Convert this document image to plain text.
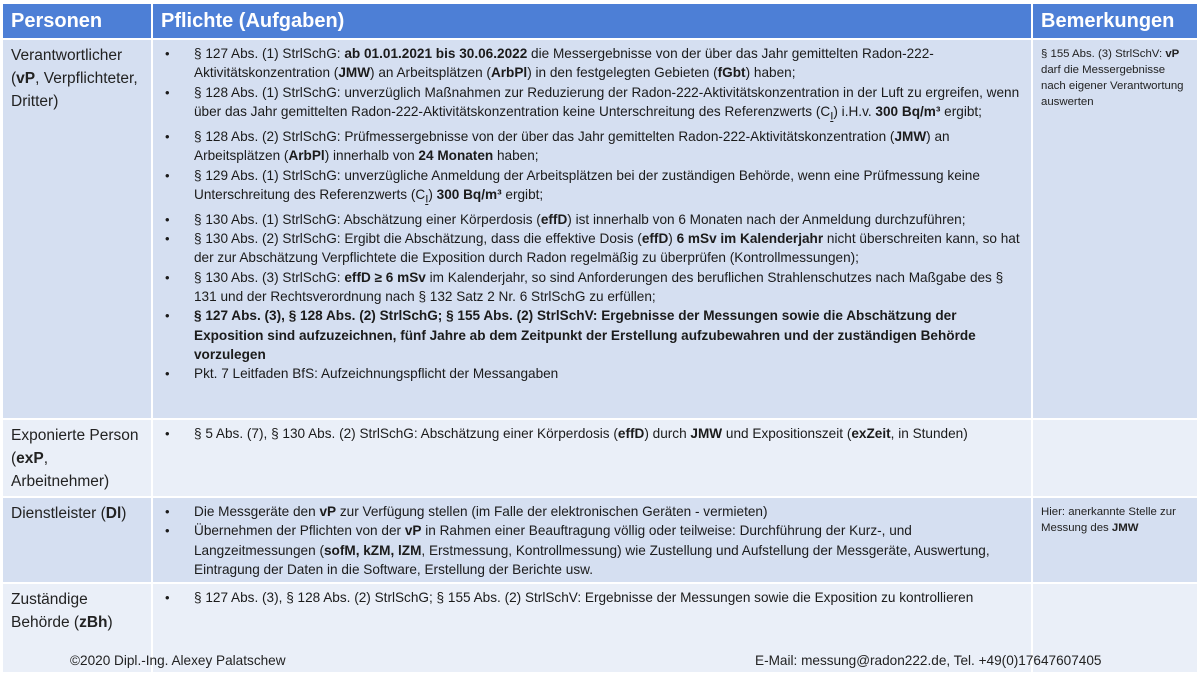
Personen	Pflichte (Aufgaben)	Bemerkungen
Verantwortlicher (vP, Verpflichteter, Dritter)
• § 127 Abs. (1) StrlSchG: ab 01.01.2021 bis 30.06.2022 die Messergebnisse von der über das Jahr gemittelten Radon-222-Aktivitätskonzentration (JMW) an Arbeitsplätzen (ArbPl) in den festgelegten Gebieten (fGbt) haben;
• § 128 Abs. (1) StrlSchG: unverzüglich Maßnahmen zur Reduzierung der Radon-222-Aktivitätskonzentration in der Luft zu ergreifen, wenn über das Jahr gemittelten Radon-222-Aktivitätskonzentration keine Unterschreitung des Referenzwerts $(C_I)$ i.H.v. 300 Bq/m³ ergibt;
• § 128 Abs. (2) StrlSchG: Prüfmessergebnisse von der über das Jahr gemittelten Radon-222-Aktivitätskonzentration (JMW) an Arbeitsplätzen (ArbPl) innerhalb von 24 Monaten haben;
• § 129 Abs. (1) StrlSchG: unverzügliche Anmeldung der Arbeitsplätzen bei der zuständigen Behörde, wenn eine Prüfmessung keine Unterschreitung des Referenzwerts $(C_I)$ 300 Bq/m³ ergibt;
• § 130 Abs. (1) StrlSchG: Abschätzung einer Körperdosis (effD) ist innerhalb von 6 Monaten nach der Anmeldung durchzuführen;
• § 130 Abs. (2) StrlSchG: Ergibt die Abschätzung, dass die effektive Dosis (effD) 6 mSv im Kalenderjahr nicht überschreiten kann, so hat der zur Abschätzung Verpflichtete die Exposition durch Radon regelmäßig zu überprüfen (Kontrollmessungen);
• § 130 Abs. (3) StrlSchG: effD ≥ 6 mSv im Kalenderjahr, so sind Anforderungen des beruflichen Strahlenschutzes nach Maßgabe des § 131 und der Rechtsverordnung nach § 132 Satz 2 Nr. 6 StrlSchG zu erfüllen;
• § 127 Abs. (3), § 128 Abs. (2) StrlSchG; § 155 Abs. (2) StrlSchV: Ergebnisse der Messungen sowie die Abschätzung der Exposition sind aufzuzeichnen, fünf Jahre ab dem Zeitpunkt der Erstellung aufzubewahren und der zuständigen Behörde vorzulegen
• Pkt. 7 Leitfaden BfS: Aufzeichnungspflicht der Messangaben
§ 155 Abs. (3) StrlSchV: vP darf die Messergebnisse nach eigener Verantwortung auswerten
Exponierte Person (exP, Arbeitnehmer)
• § 5 Abs. (7), § 130 Abs. (2) StrlSchG: Abschätzung einer Körperdosis (effD) durch JMW und Expositionszeit (exZeit, in Stunden)
Dienstleister (Dl)
•	Die Messgeräte den vP zur Verfügung stellen (im Falle der elektronischen Geräten - vermieten)
• Übernehmen der Pflichten von der vP in Rahmen einer Beauftragung völlig oder teilweise: Durchführung der Kurz-, und Langzeitmessungen (sofM, kZM, lZM, Erstmessung, Kontrollmessung) wie Zustellung und Aufstellung der Messgeräte, Auswertung, Eintragung der Daten in die Software, Erstellung der Berichte usw.
Hier: anerkannte Stelle zur Messung des JMW
Zuständige Behörde (zBh)
• § 127 Abs. (3), § 128 Abs. (2) StrlSchG; § 155 Abs. (2) StrlSchV: Ergebnisse der Messungen sowie die Exposition zu kontrollieren
©2020 Dipl.-Ing. Alexey Palatschew	E-Mail: messung@radon222.de, Tel. +49(0)17647607405
